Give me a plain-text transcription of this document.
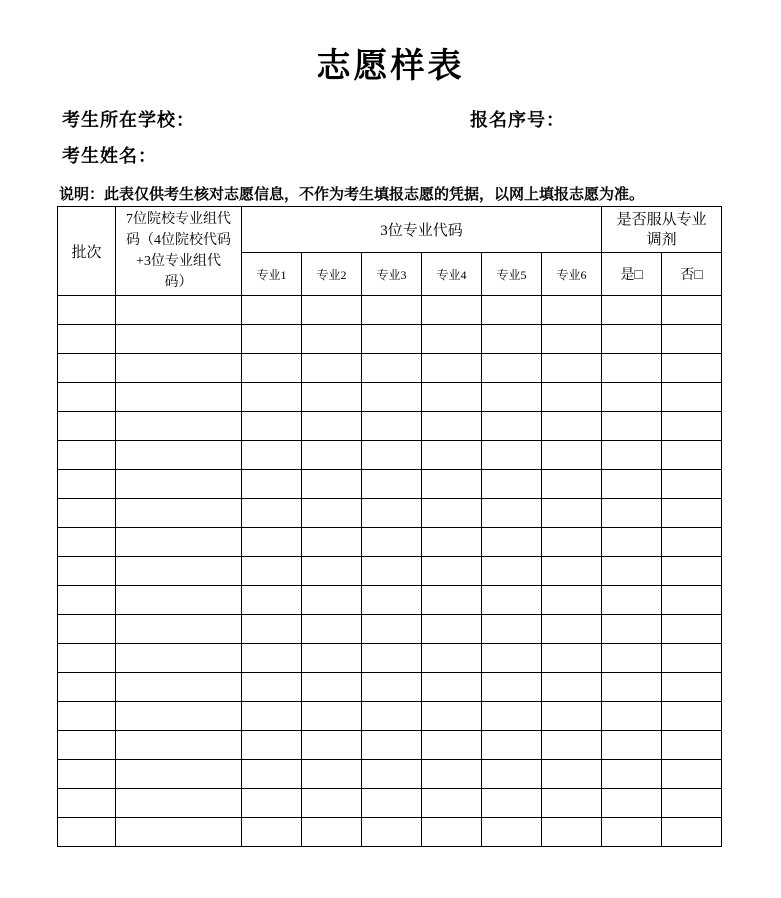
志愿样表
考生所在学校：	报名序号：
考生姓名：
说明：此表仅供考生核对志愿信息，不作为考生填报志愿的凭据，以网上填报志愿为准。
批次	7位院校专业组代码（4位院校代码+3位专业组代码）	3位专业代码						是否服从专业调剂	
		专业1	专业2	专业3	专业4	专业5	专业6	是□	否□
